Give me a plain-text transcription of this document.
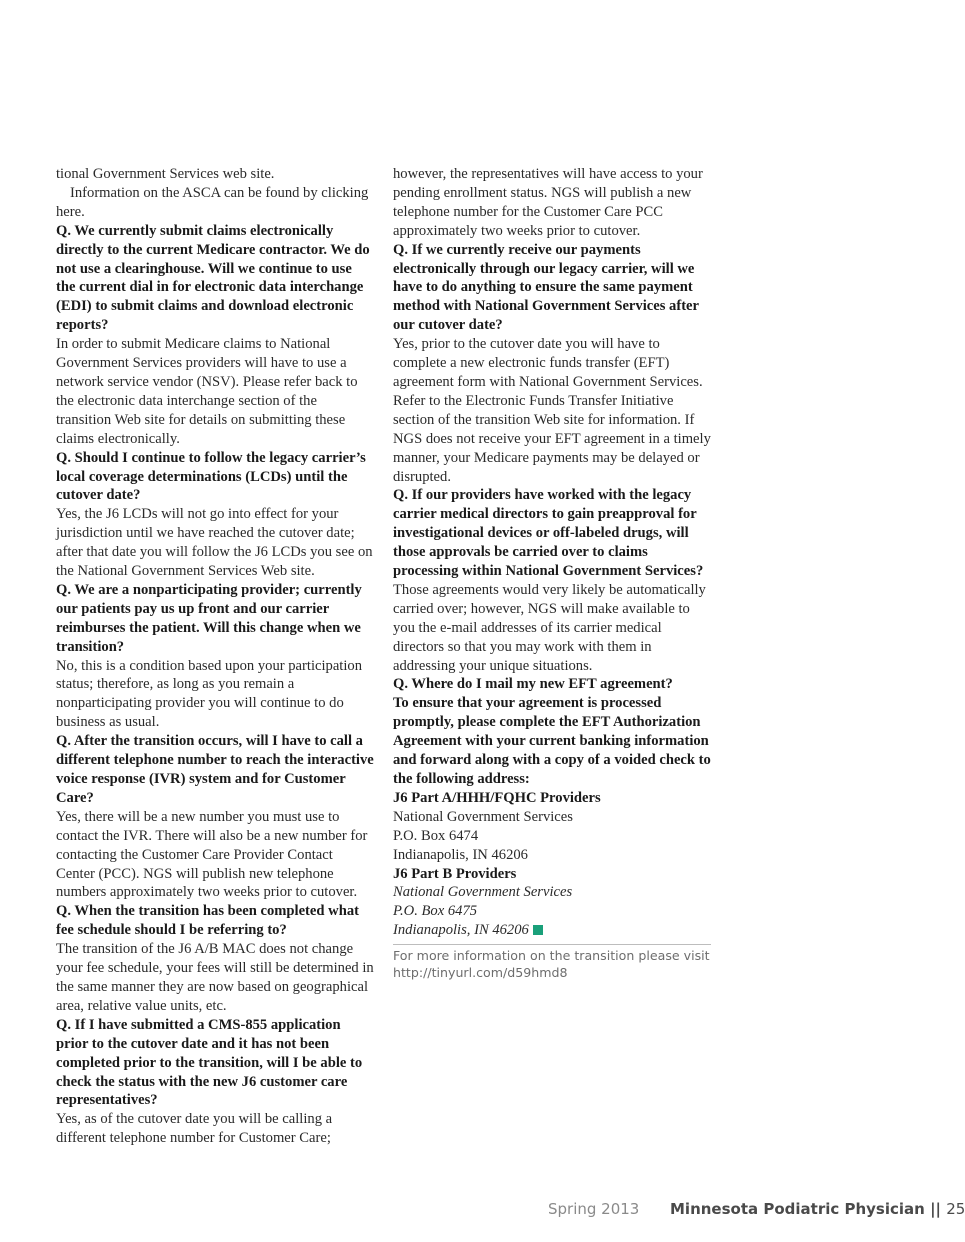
tional Government Services web site.

Information on the ASCA can be found by clicking here.

Q. We currently submit claims electronically directly to the current Medicare contractor. We do not use a clearinghouse. Will we continue to use the current dial in for electronic data interchange (EDI) to submit claims and download electronic reports?

In order to submit Medicare claims to National Government Services providers will have to use a network service vendor (NSV). Please refer back to the electronic data interchange section of the transition Web site for details on submitting these claims electronically.

Q. Should I continue to follow the legacy carrier’s local coverage determinations (LCDs) until the cutover date?

Yes, the J6 LCDs will not go into effect for your jurisdiction until we have reached the cutover date; after that date you will follow the J6 LCDs you see on the National Government Services Web site.

Q. We are a nonparticipating provider; currently our patients pay us up front and our carrier reimburses the patient. Will this change when we transition?

No, this is a condition based upon your participation status; therefore, as long as you remain a nonparticipating provider you will continue to do business as usual.

Q. After the transition occurs, will I have to call a different telephone number to reach the interactive voice response (IVR) system and for Customer Care?

Yes, there will be a new number you must use to contact the IVR. There will also be a new number for contacting the Customer Care Provider Contact Center (PCC). NGS will publish new telephone numbers approximately two weeks prior to cutover.

Q. When the transition has been completed what fee schedule should I be referring to?

The transition of the J6 A/B MAC does not change your fee schedule, your fees will still be determined in the same manner they are now based on geographical area, relative value units, etc.

Q. If I have submitted a CMS-855 application prior to the cutover date and it has not been completed prior to the transition, will I be able to check the status with the new J6 customer care representatives?

Yes, as of the cutover date you will be calling a different telephone number for Customer Care;

however, the representatives will have access to your pending enrollment status. NGS will publish a new telephone number for the Customer Care PCC approximately two weeks prior to cutover.

Q. If we currently receive our payments electronically through our legacy carrier, will we have to do anything to ensure the same payment method with National Government Services after our cutover date?

Yes, prior to the cutover date you will have to complete a new electronic funds transfer (EFT) agreement form with National Government Services. Refer to the Electronic Funds Transfer Initiative section of the transition Web site for information. If NGS does not receive your EFT agreement in a timely manner, your Medicare payments may be delayed or disrupted.

Q. If our providers have worked with the legacy carrier medical directors to gain preapproval for investigational devices or off-labeled drugs, will those approvals be carried over to claims processing within National Government Services?

Those agreements would very likely be automatically carried over; however, NGS will make available to you the e-mail addresses of its carrier medical directors so that you may work with them in addressing your unique situations.

Q. Where do I mail my new EFT agreement?

To ensure that your agreement is processed promptly, please complete the EFT Authorization Agreement with your current banking information and forward along with a copy of a voided check to the following address:

J6 Part A/HHH/FQHC Providers

National Government Services

P.O. Box 6474

Indianapolis, IN 46206

J6 Part B Providers

National Government Services

P.O. Box 6475

Indianapolis, IN 46206

For more information on the transition please visit
http://tinyurl.com/d59hmd8
Spring 2013 Minnesota Podiatric Physician || 25
